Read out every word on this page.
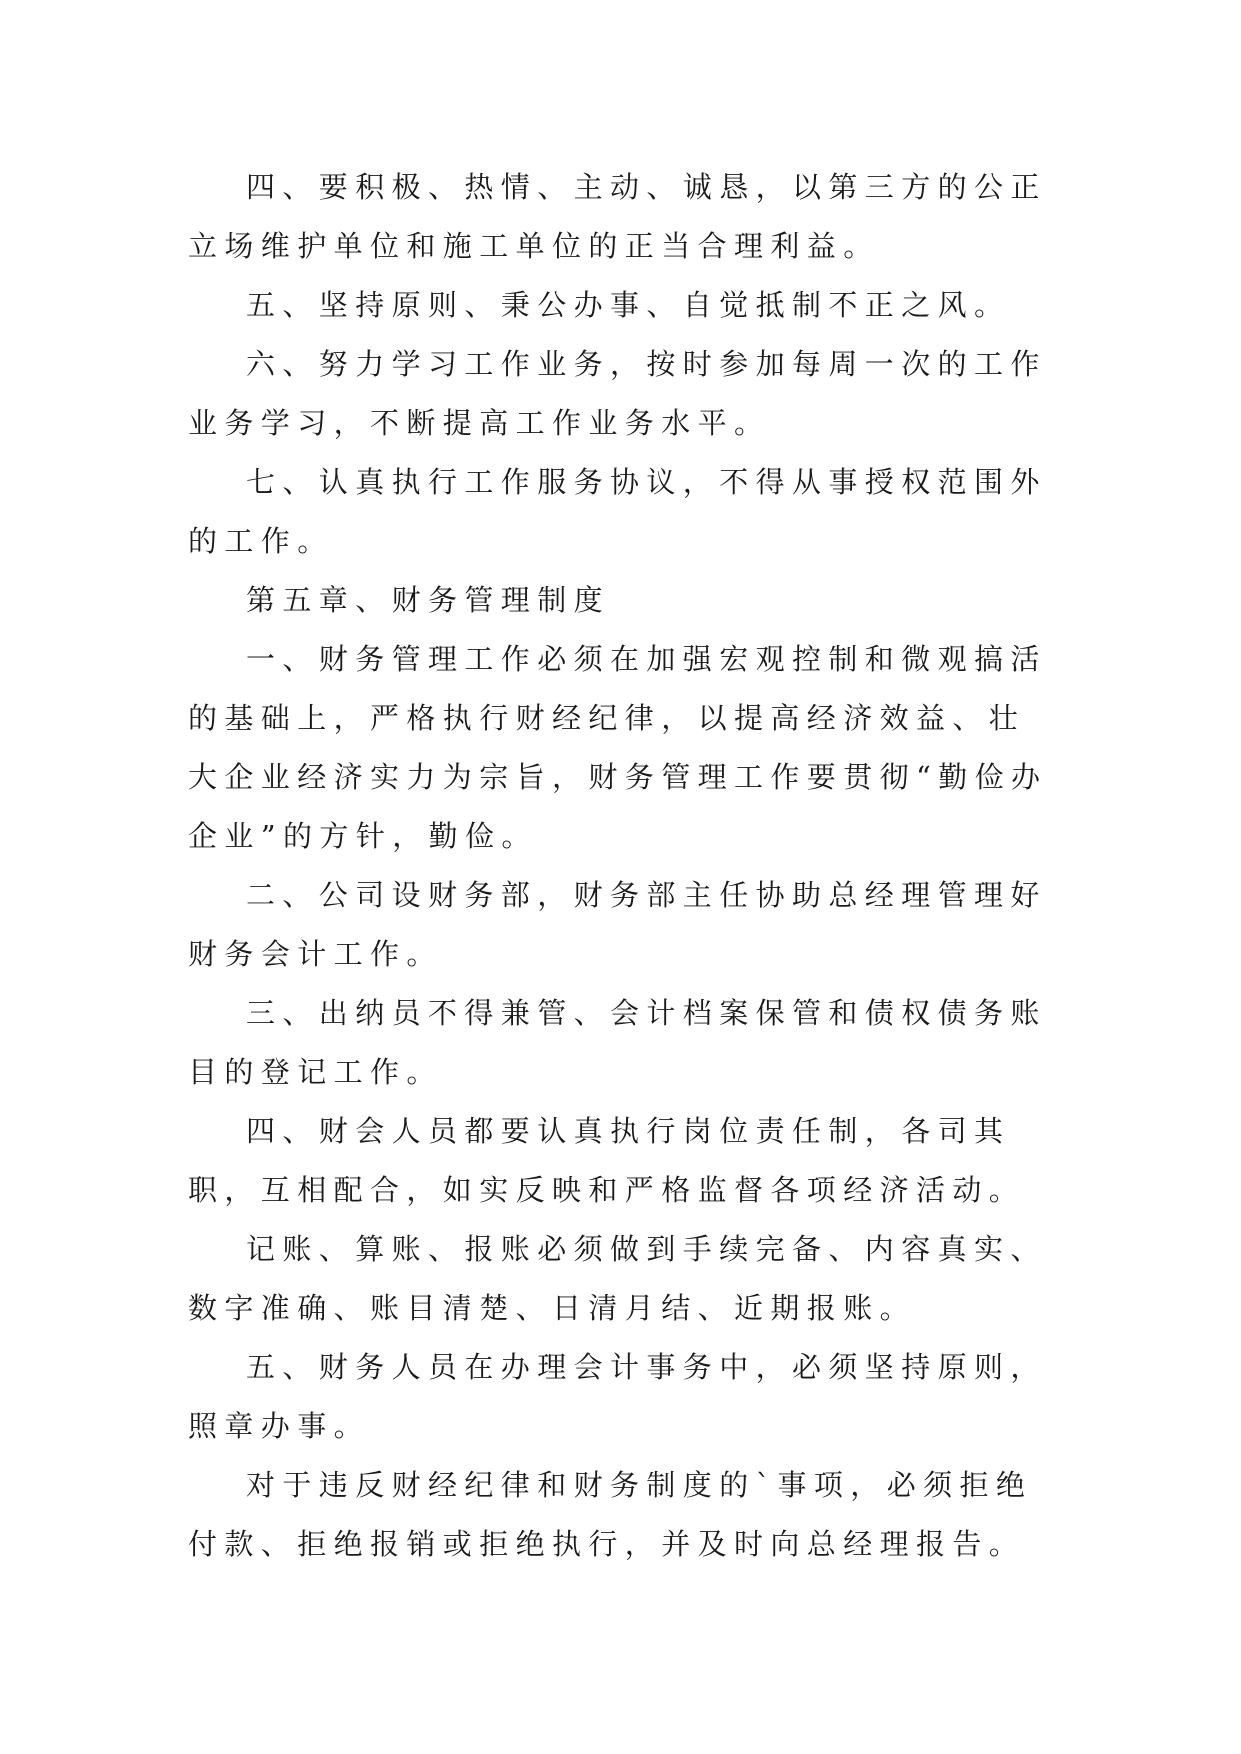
四、要积极、热情、主动、诚恳，以第三方的公正立场维护单位和施工单位的正当合理利益。

五、坚持原则、秉公办事、自觉抵制不正之风。

六、努力学习工作业务，按时参加每周一次的工作业务学习，不断提高工作业务水平。

七、认真执行工作服务协议，不得从事授权范围外的工作。

第五章、财务管理制度

一、财务管理工作必须在加强宏观控制和微观搞活的基础上，严格执行财经纪律，以提高经济效益、壮大企业经济实力为宗旨，财务管理工作要贯彻“勤俭办企业”的方针，勤俭。

二、公司设财务部，财务部主任协助总经理管理好财务会计工作。

三、出纳员不得兼管、会计档案保管和债权债务账目的登记工作。

四、财会人员都要认真执行岗位责任制，各司其职，互相配合，如实反映和严格监督各项经济活动。

记账、算账、报账必须做到手续完备、内容真实、数字准确、账目清楚、日清月结、近期报账。

五、财务人员在办理会计事务中，必须坚持原则，照章办事。

对于违反财经纪律和财务制度的`事项，必须拒绝付款、拒绝报销或拒绝执行，并及时向总经理报告。
